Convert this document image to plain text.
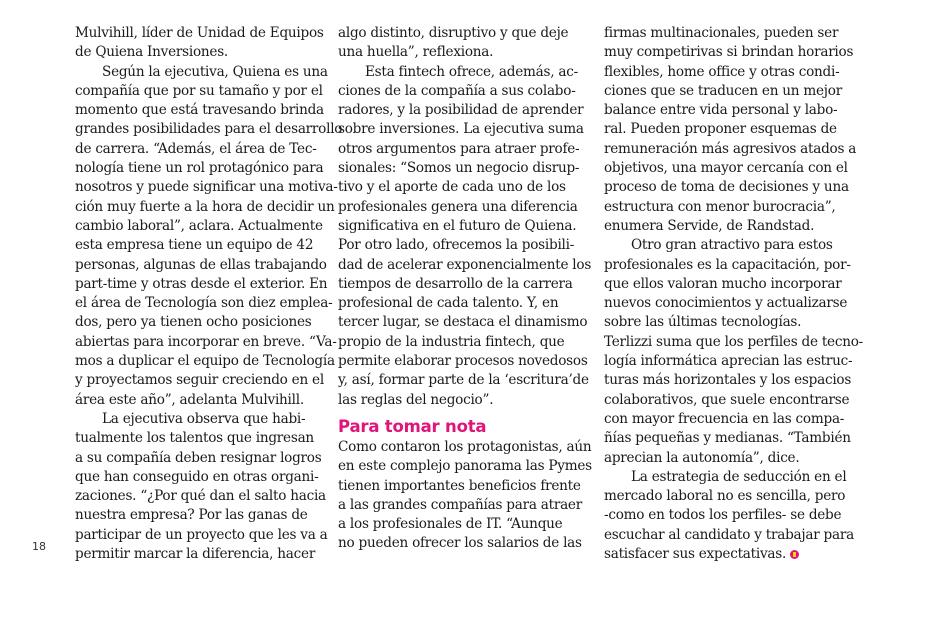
18
Mulvihill, líder de Unidad de Equipos
de Quiena Inversiones.
Según la ejecutiva, Quiena es una
compañía que por su tamaño y por el
momento que está travesando brinda
grandes posibilidades para el desarrollo
de carrera. “Además, el área de Tec-
nología tiene un rol protagónico para
nosotros y puede significar una motiva-
ción muy fuerte a la hora de decidir un
cambio laboral”, aclara. Actualmente
esta empresa tiene un equipo de 42
personas, algunas de ellas trabajando
part-time y otras desde el exterior. En
el área de Tecnología son diez emplea-
dos, pero ya tienen ocho posiciones
abiertas para incorporar en breve. “Va-
mos a duplicar el equipo de Tecnología
y proyectamos seguir creciendo en el
área este año”, adelanta Mulvihill.
La ejecutiva observa que habi-
tualmente los talentos que ingresan
a su compañía deben resignar logros
que han conseguido en otras organi-
zaciones. “¿Por qué dan el salto hacia
nuestra empresa? Por las ganas de
participar de un proyecto que les va a
permitir marcar la diferencia, hacer
algo distinto, disruptivo y que deje
una huella”, reflexiona.
Esta fintech ofrece, además, ac-
ciones de la compañía a sus colabo-
radores, y la posibilidad de aprender
sobre inversiones. La ejecutiva suma
otros argumentos para atraer profe-
sionales: “Somos un negocio disrup-
tivo y el aporte de cada uno de los
profesionales genera una diferencia
significativa en el futuro de Quiena.
Por otro lado, ofrecemos la posibili-
dad de acelerar exponencialmente los
tiempos de desarrollo de la carrera
profesional de cada talento. Y, en
tercer lugar, se destaca el dinamismo
propio de la industria fintech, que
permite elaborar procesos novedosos
y, así, formar parte de la ‘escritura’de
las reglas del negocio”.
Para tomar nota
Como contaron los protagonistas, aún
en este complejo panorama las Pymes
tienen importantes beneficios frente
a las grandes compañías para atraer
a los profesionales de IT. “Aunque
no pueden ofrecer los salarios de las
firmas multinacionales, pueden ser
muy competirivas si brindan horarios
flexibles, home office y otras condi-
ciones que se traducen en un mejor
balance entre vida personal y labo-
ral. Pueden proponer esquemas de
remuneración más agresivos atados a
objetivos, una mayor cercanía con el
proceso de toma de decisiones y una
estructura con menor burocracia”,
enumera Servide, de Randstad.
Otro gran atractivo para estos
profesionales es la capacitación, por-
que ellos valoran mucho incorporar
nuevos conocimientos y actualizarse
sobre las últimas tecnologías.
Terlizzi suma que los perfiles de tecno-
logía informática aprecian las estruc-
turas más horizontales y los espacios
colaborativos, que suele encontrarse
con mayor frecuencia en las compa-
ñías pequeñas y medianas. “También
aprecian la autonomía”, dice.
La estrategia de seducción en el
mercado laboral no es sencilla, pero
-como en todos los perfiles- se debe
escuchar al candidato y trabajar para
satisfacer sus expectativas.
